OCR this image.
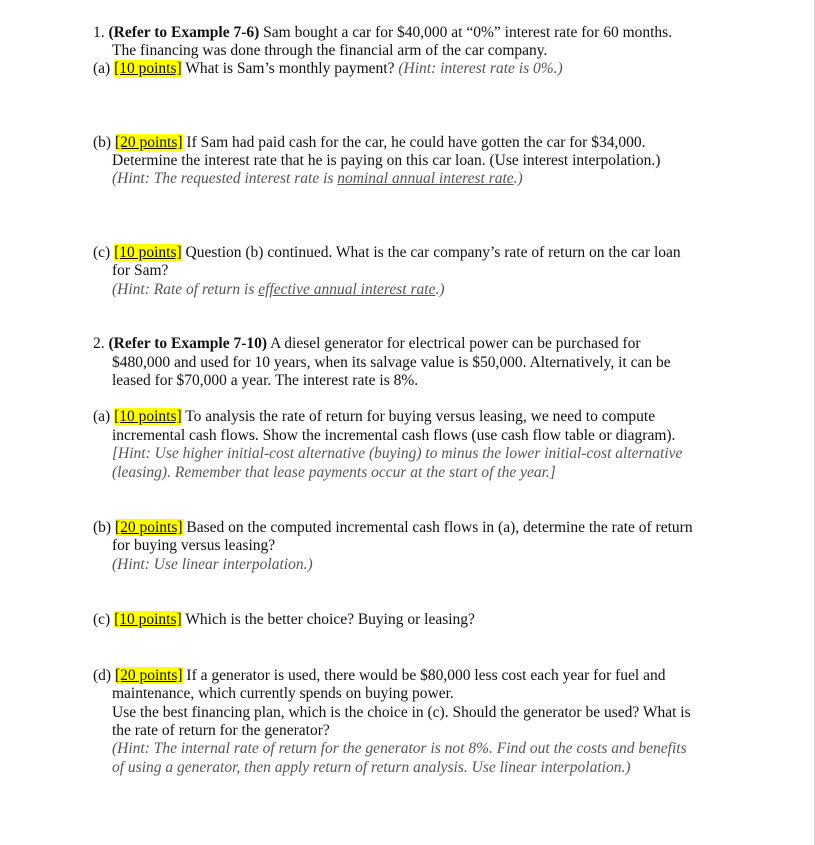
1. (Refer to Example 7-6) Sam bought a car for $40,000 at “0%” interest rate for 60 months.
The financing was done through the financial arm of the car company.
(a) [10 points] What is Sam’s monthly payment? (Hint: interest rate is 0%.)
(b) [20 points] If Sam had paid cash for the car, he could have gotten the car for $34,000.
Determine the interest rate that he is paying on this car loan. (Use interest interpolation.)
(Hint: The requested interest rate is nominal annual interest rate.)
(c) [10 points] Question (b) continued. What is the car company’s rate of return on the car loan
for Sam?
(Hint: Rate of return is effective annual interest rate.)
2. (Refer to Example 7-10) A diesel generator for electrical power can be purchased for
$480,000 and used for 10 years, when its salvage value is $50,000. Alternatively, it can be
leased for $70,000 a year. The interest rate is 8%.
(a) [10 points] To analysis the rate of return for buying versus leasing, we need to compute
incremental cash flows. Show the incremental cash flows (use cash flow table or diagram).
[Hint: Use higher initial-cost alternative (buying) to minus the lower initial-cost alternative
(leasing). Remember that lease payments occur at the start of the year.]
(b) [20 points] Based on the computed incremental cash flows in (a), determine the rate of return
for buying versus leasing?
(Hint: Use linear interpolation.)
(c) [10 points] Which is the better choice? Buying or leasing?
(d) [20 points] If a generator is used, there would be $80,000 less cost each year for fuel and
maintenance, which currently spends on buying power.
Use the best financing plan, which is the choice in (c). Should the generator be used? What is
the rate of return for the generator?
(Hint: The internal rate of return for the generator is not 8%. Find out the costs and benefits
of using a generator, then apply return of return analysis. Use linear interpolation.)
